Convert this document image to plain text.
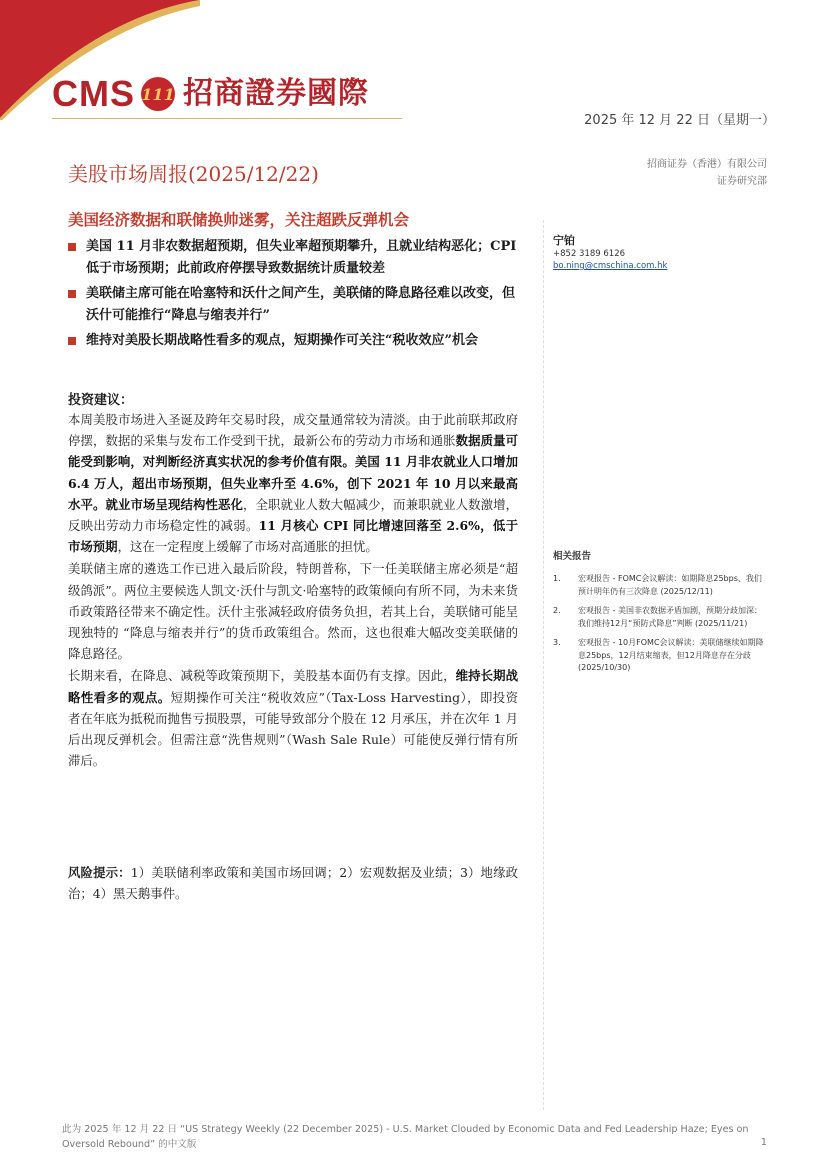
CMS 111 招商證券國際
2025 年 12 月 22 日（星期一）
美股市场周报(2025/12/22)	招商证券（香港）有限公司
证券研究部
美国经济数据和联储换帅迷雾，关注超跌反弹机会
美国 11 月非农数据超预期，但失业率超预期攀升，且就业结构恶化；CPI 低于市场预期；此前政府停摆导致数据统计质量较差
美联储主席可能在哈塞特和沃什之间产生，美联储的降息路径难以改变，但沃什可能推行“降息与缩表并行”
维持对美股长期战略性看多的观点，短期操作可关注“税收效应”机会
宁铂
+852 3189 6126
bo.ning@cmschina.com.hk
投资建议：

本周美股市场进入圣诞及跨年交易时段，成交量通常较为清淡。由于此前联邦政府停摆，数据的采集与发布工作受到干扰，最新公布的劳动力市场和通胀数据质量可能受到影响，对判断经济真实状况的参考价值有限。美国 11 月非农就业人口增加 6.4 万人，超出市场预期，但失业率升至 4.6%，创下 2021 年 10 月以来最高水平。就业市场呈现结构性恶化，全职就业人数大幅减少，而兼职就业人数激增，反映出劳动力市场稳定性的减弱。11 月核心 CPI 同比增速回落至 2.6%，低于市场预期，这在一定程度上缓解了市场对高通胀的担忧。

美联储主席的遴选工作已进入最后阶段，特朗普称，下一任美联储主席必须是“超级鸽派”。两位主要候选人凯文·沃什与凯文·哈塞特的政策倾向有所不同，为未来货币政策路径带来不确定性。沃什主张减轻政府债务负担，若其上台，美联储可能呈现独特的 “降息与缩表并行”的货币政策组合。然而，这也很难大幅改变美联储的降息路径。

长期来看，在降息、减税等政策预期下，美股基本面仍有支撑。因此，维持长期战略性看多的观点。短期操作可关注“税收效应”（Tax-Loss Harvesting），即投资者在年底为抵税而抛售亏损股票，可能导致部分个股在 12 月承压，并在次年 1 月后出现反弹机会。但需注意“洗售规则”（Wash Sale Rule）可能使反弹行情有所滞后。

风险提示：1）美联储利率政策和美国市场回调；2）宏观数据及业绩；3）地缘政治；4）黑天鹅事件。
相关报告
1. 宏观报告 - FOMC会议解读：如期降息25bps、我们预计明年仍有三次降息 (2025/12/11)
2. 宏观报告 - 美国非农数据矛盾加剧，预期分歧加深：我们维持12月“预防式降息”判断 (2025/11/21)
3. 宏观报告 - 10月FOMC会议解读：美联储继续如期降息25bps，12月结束缩表，但12月降息存在分歧 (2025/10/30)
此为 2025 年 12 月 22 日 “US Strategy Weekly (22 December 2025) - U.S. Market Clouded by Economic Data and Fed Leadership Haze; Eyes on Oversold Rebound” 的中文版	1
